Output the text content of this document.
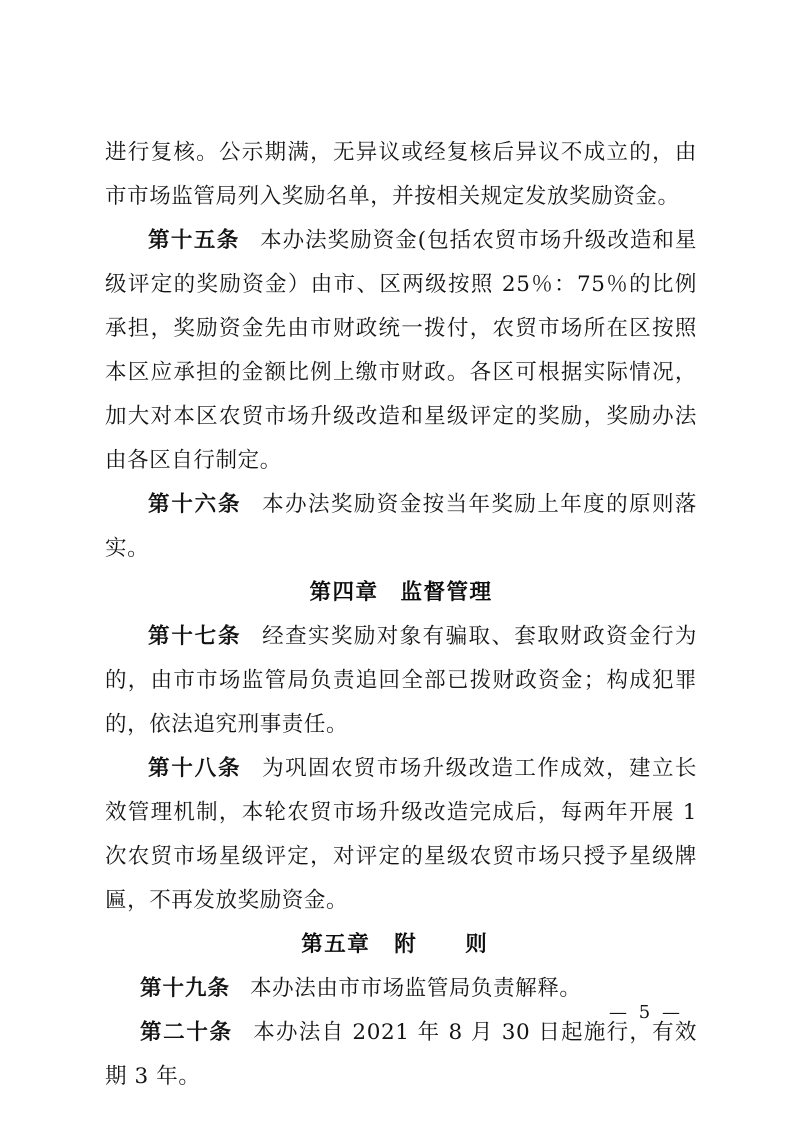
进行复核。公示期满，无异议或经复核后异议不成立的，由市市场监管局列入奖励名单，并按相关规定发放奖励资金。

第十五条 本办法奖励资金(包括农贸市场升级改造和星级评定的奖励资金）由市、区两级按照 25％：75％的比例承担，奖励资金先由市财政统一拨付，农贸市场所在区按照本区应承担的金额比例上缴市财政。各区可根据实际情况，加大对本区农贸市场升级改造和星级评定的奖励，奖励办法由各区自行制定。

第十六条 本办法奖励资金按当年奖励上年度的原则落实。

第四章 监督管理

第十七条 经查实奖励对象有骗取、套取财政资金行为的，由市市场监管局负责追回全部已拨财政资金；构成犯罪的，依法追究刑事责任。

第十八条 为巩固农贸市场升级改造工作成效，建立长效管理机制，本轮农贸市场升级改造完成后，每两年开展 1 次农贸市场星级评定，对评定的星级农贸市场只授予星级牌匾，不再发放奖励资金。

第五章 附　则

第十九条 本办法由市市场监管局负责解释。

第二十条 本办法自 2021 年 8 月 30 日起施行，有效期 3 年。

— 5 —
